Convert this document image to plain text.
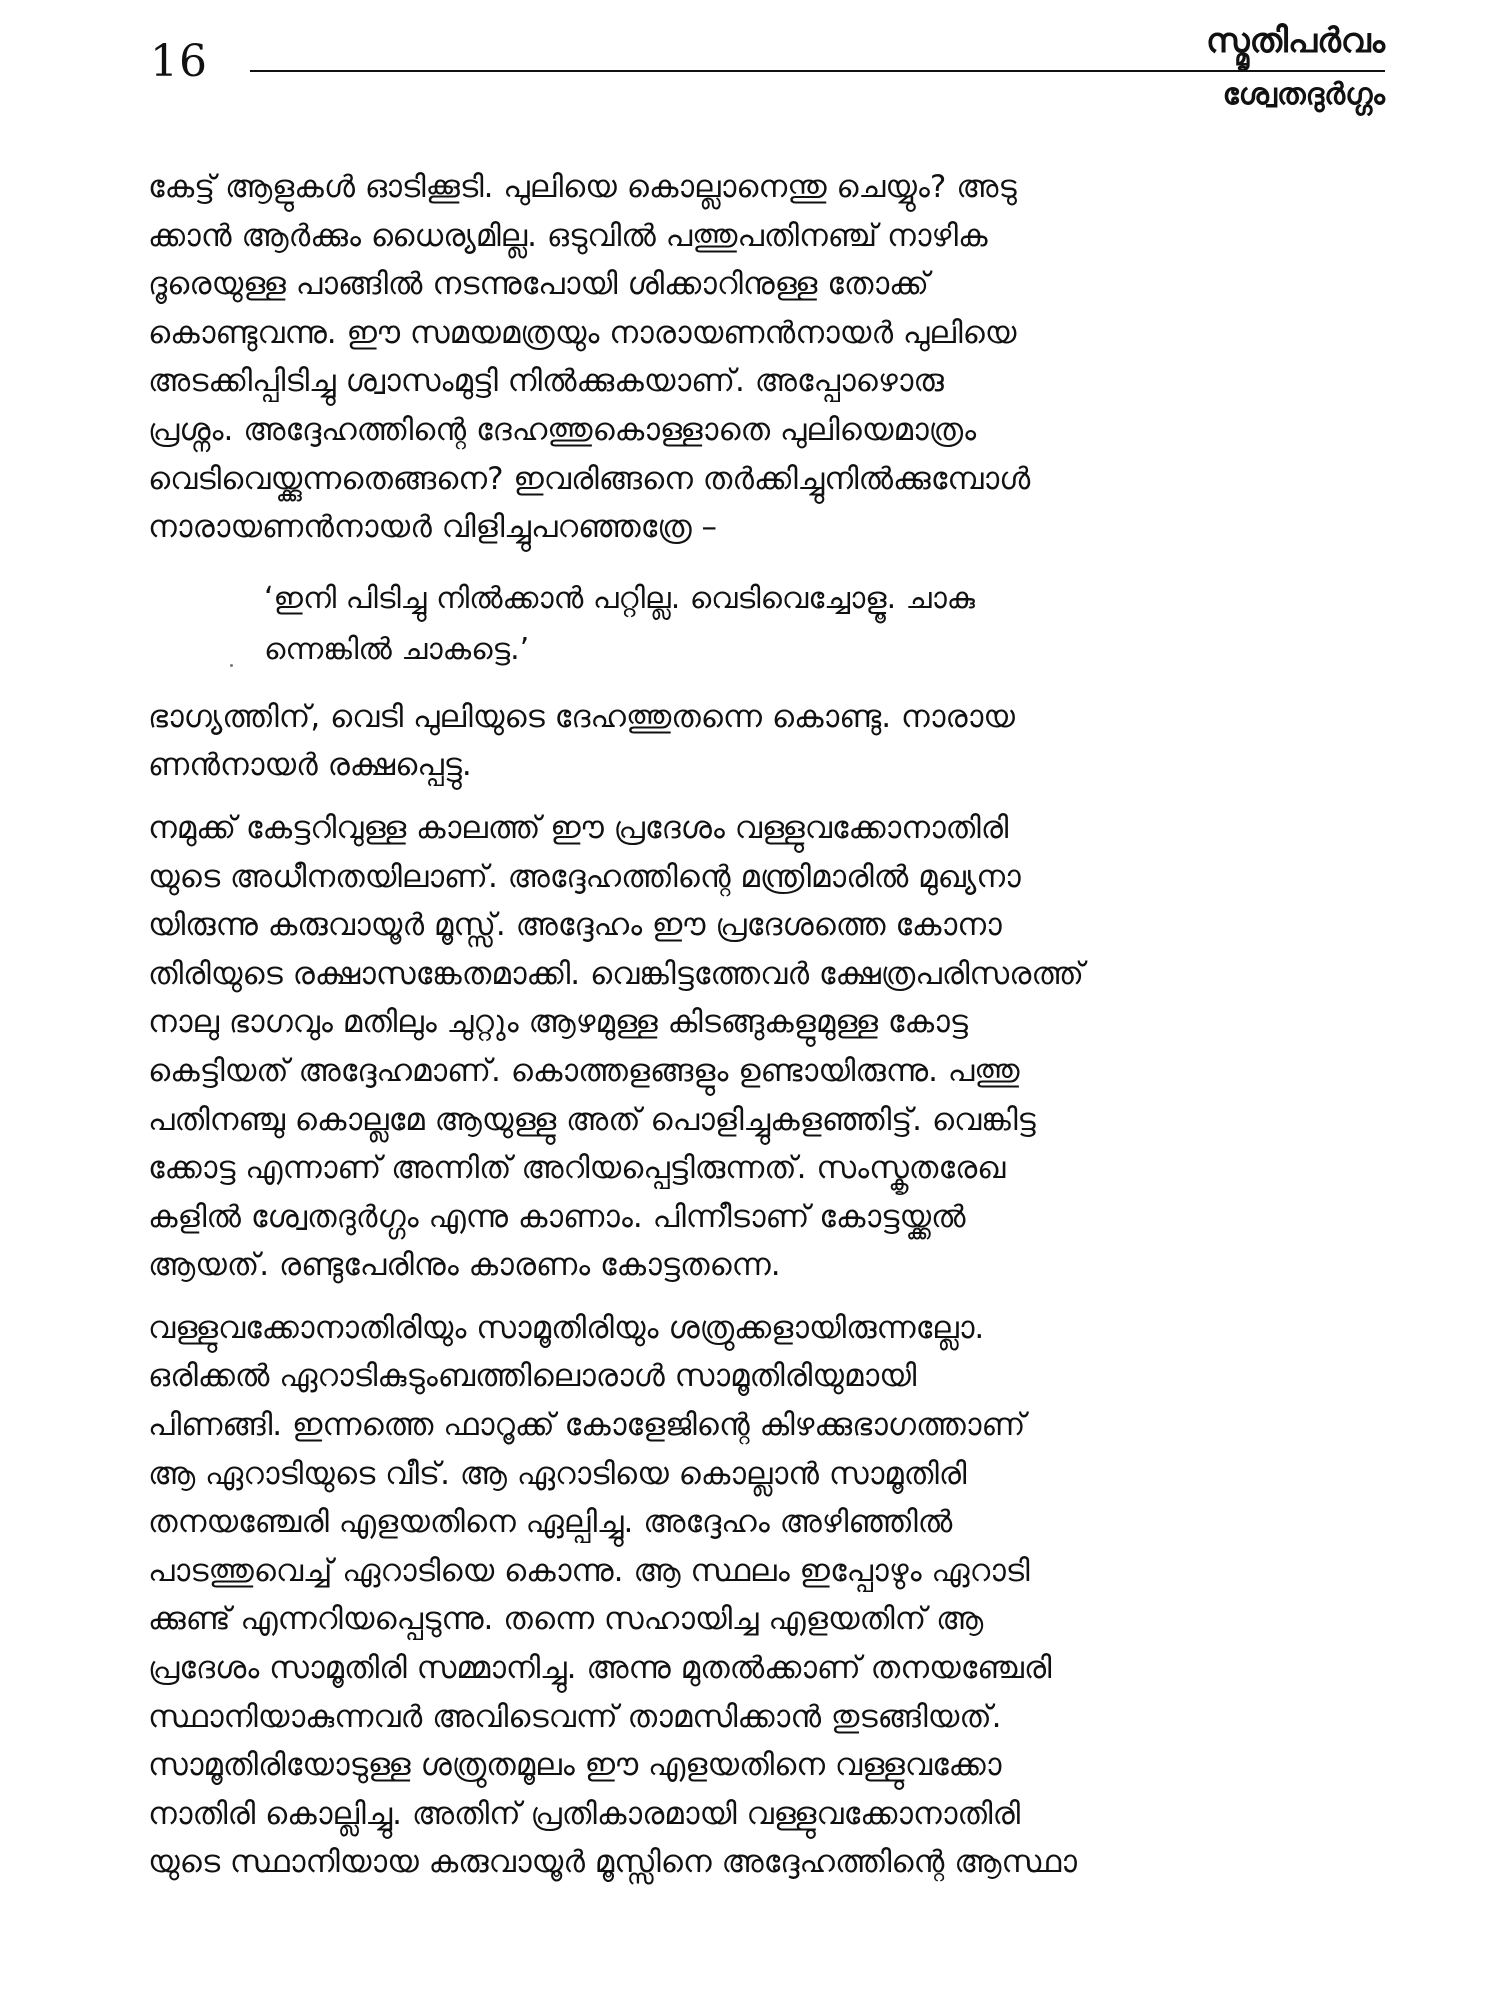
16	സ്മൃതിപർവം
ശ്വേതദുർഗ്ഗം

കേട്ട് ആളുകൾ ഓടിക്കൂടി. പുലിയെ കൊല്ലാനെന്തു ചെയ്യും? അടു
ക്കാൻ ആർക്കും ധൈര്യമില്ല. ഒടുവിൽ പത്തുപതിനഞ്ച് നാഴിക
ദൂരെയുള്ള പാങ്ങിൽ നടന്നുപോയി ശിക്കാറിനുള്ള തോക്ക്
കൊണ്ടുവന്നു. ഈ സമയമത്രയും നാരായണൻനായർ പുലിയെ
അടക്കിപ്പിടിച്ചു ശ്വാസംമുട്ടി നിൽക്കുകയാണ്. അപ്പോഴൊരു
പ്രശ്നം. അദ്ദേഹത്തിന്റെ ദേഹത്തുകൊള്ളാതെ പുലിയെമാത്രം
വെടിവെയ്ക്കുന്നതെങ്ങനെ? ഇവരിങ്ങനെ തർക്കിച്ചുനിൽക്കുമ്പോൾ
നാരായണൻനായർ വിളിച്ചുപറഞ്ഞത്രേ –

‘ഇനി പിടിച്ചു നിൽക്കാൻ പറ്റില്ല. വെടിവെച്ചോളൂ. ചാകു
ന്നെങ്കിൽ ചാകട്ടെ.’

ഭാഗ്യത്തിന്, വെടി പുലിയുടെ ദേഹത്തുതന്നെ കൊണ്ടു. നാരായ
ണൻനായർ രക്ഷപ്പെട്ടു.

നമുക്ക് കേട്ടറിവുള്ള കാലത്ത് ഈ പ്രദേശം വള്ളുവക്കോനാതിരി
യുടെ അധീനതയിലാണ്. അദ്ദേഹത്തിന്റെ മന്ത്രിമാരിൽ മുഖ്യനാ
യിരുന്നു കരുവായൂർ മൂസ്സ്. അദ്ദേഹം ഈ പ്രദേശത്തെ കോനാ
തിരിയുടെ രക്ഷാസങ്കേതമാക്കി. വെങ്കിട്ടത്തേവർ ക്ഷേത്രപരിസരത്ത്
നാലു ഭാഗവും മതിലും ചുറ്റും ആഴമുള്ള കിടങ്ങുകളുമുള്ള കോട്ട
കെട്ടിയത് അദ്ദേഹമാണ്. കൊത്തളങ്ങളും ഉണ്ടായിരുന്നു. പത്തു
പതിനഞ്ചു കൊല്ലമേ ആയുള്ളു അത് പൊളിച്ചുകളഞ്ഞിട്ട്. വെങ്കിട്ട
ക്കോട്ട എന്നാണ് അന്നിത് അറിയപ്പെട്ടിരുന്നത്. സംസ്കൃതരേഖ
കളിൽ ശ്വേതദുർഗ്ഗം എന്നു കാണാം. പിന്നീടാണ് കോട്ടയ്ക്കൽ
ആയത്. രണ്ടുപേരിനും കാരണം കോട്ടതന്നെ.

വള്ളുവക്കോനാതിരിയും സാമൂതിരിയും ശത്രുക്കളായിരുന്നല്ലോ.
ഒരിക്കൽ ഏറാടികുടുംബത്തിലൊരാൾ സാമൂതിരിയുമായി
പിണങ്ങി. ഇന്നത്തെ ഫാറൂക്ക് കോളേജിന്റെ കിഴക്കുഭാഗത്താണ്
ആ ഏറാടിയുടെ വീട്. ആ ഏറാടിയെ കൊല്ലാൻ സാമൂതിരി
തനയഞ്ചേരി എളയതിനെ ഏല്പിച്ചു. അദ്ദേഹം അഴിഞ്ഞിൽ
പാടത്തുവെച്ച് ഏറാടിയെ കൊന്നു. ആ സ്ഥലം ഇപ്പോഴും ഏറാടി
ക്കുണ്ട് എന്നറിയപ്പെടുന്നു. തന്നെ സഹായിച്ച എളയതിന് ആ
പ്രദേശം സാമൂതിരി സമ്മാനിച്ചു. അന്നു മുതൽക്കാണ് തനയഞ്ചേരി
സ്ഥാനിയാകുന്നവർ അവിടെവന്ന് താമസിക്കാൻ തുടങ്ങിയത്.
സാമൂതിരിയോടുള്ള ശത്രുതമൂലം ഈ എളയതിനെ വള്ളുവക്കോ
നാതിരി കൊല്ലിച്ചു. അതിന് പ്രതികാരമായി വള്ളുവക്കോനാതിരി
യുടെ സ്ഥാനിയായ കരുവായൂർ മൂസ്സിനെ അദ്ദേഹത്തിന്റെ ആസ്ഥാ
